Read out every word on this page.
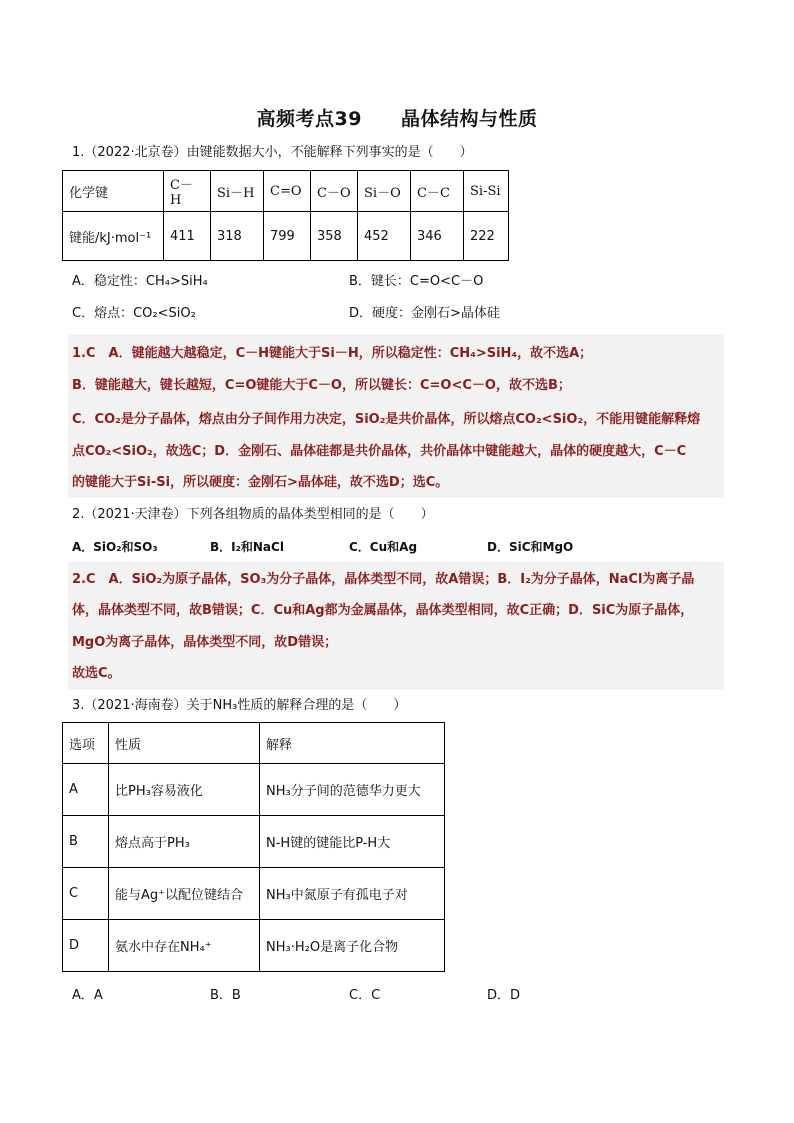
高频考点39　　晶体结构与性质
1.（2022·北京卷）由键能数据大小，不能解释下列事实的是（　　）
化学键	C－H	Si－H	C=O	C－O	Si－O	C－C	Si-Si
键能/kJ·mol⁻¹	411	318	799	358	452	346	222
A．稳定性：CH₄>SiH₄	B．键长：C=O<C－O
C．熔点：CO₂<SiO₂	D．硬度：金刚石>晶体硅
1.C　A．键能越大越稳定，C－H键能大于Si－H，所以稳定性：CH₄>SiH₄，故不选A；
B．键能越大，键长越短，C=O键能大于C－O，所以键长：C=O<C－O，故不选B；
C．CO₂是分子晶体，熔点由分子间作用力决定，SiO₂是共价晶体，所以熔点CO₂<SiO₂，不能用键能解释熔
点CO₂<SiO₂，故选C；D．金刚石、晶体硅都是共价晶体，共价晶体中键能越大，晶体的硬度越大，C－C
的键能大于Si-Si，所以硬度：金刚石>晶体硅，故不选D；选C。
2.（2021·天津卷）下列各组物质的晶体类型相同的是（　　）
A．SiO₂和SO₃	B．I₂和NaCl	C．Cu和Ag	D．SiC和MgO
2.C　A．SiO₂为原子晶体，SO₃为分子晶体，晶体类型不同，故A错误；B．I₂为分子晶体，NaCl为离子晶
体，晶体类型不同，故B错误；C．Cu和Ag都为金属晶体，晶体类型相同，故C正确；D．SiC为原子晶体，
MgO为离子晶体，晶体类型不同，故D错误；
故选C。
3.（2021·海南卷）关于NH₃性质的解释合理的是（　　）
选项	性质	解释
A	比PH₃容易液化	NH₃分子间的范德华力更大
B	熔点高于PH₃	N-H键的键能比P-H大
C	能与Ag⁺以配位键结合	NH₃中氮原子有孤电子对
D	氨水中存在NH₄⁺	NH₃·H₂O是离子化合物
A．A	B．B	C．C	D．D
